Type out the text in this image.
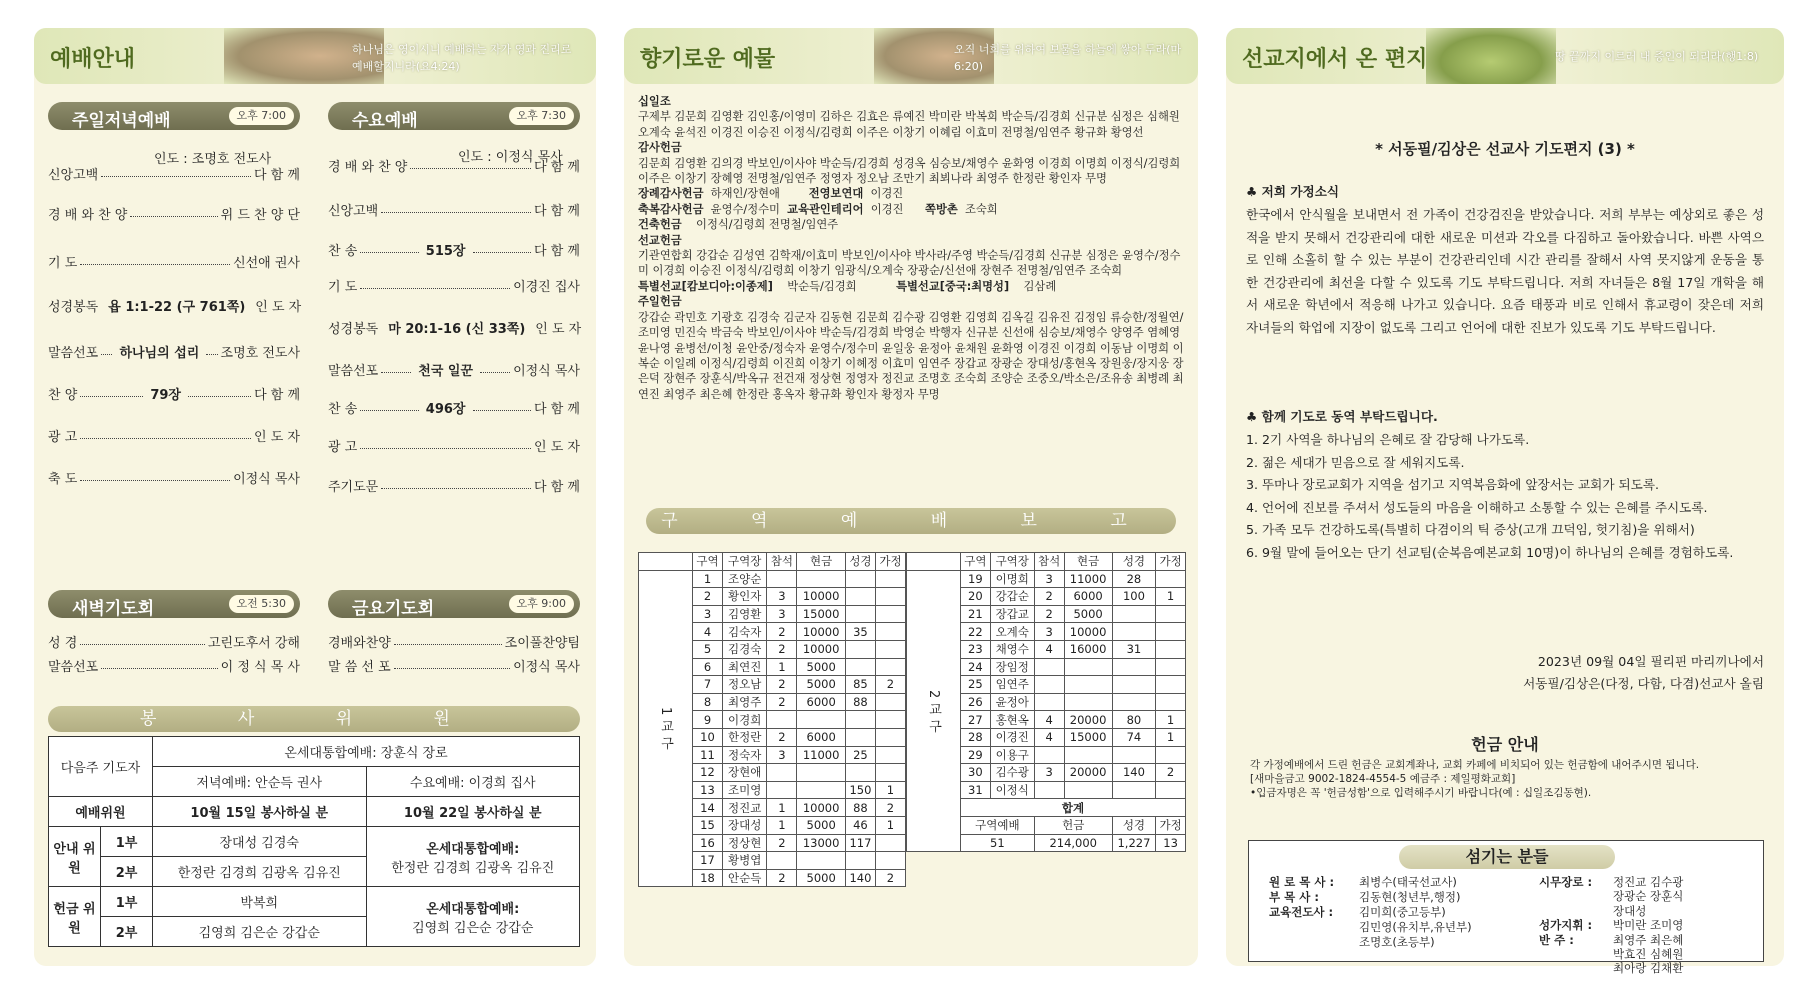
예배안내	하나님은 영이시니 예배하는 자가 영과 진리로 예배할지니라(요4:24)
주일저녁예배	오후 7:00
인도 : 조명호 전도사
신앙고백	다 함 께
경 배 와 찬 양	위 드 찬 양 단
기 도	신선애 권사
성경봉독 욥 1:1-22 (구 761쪽) 인 도 자
말씀선포	하나님의 섭리	조명호 전도사
찬 양	79장	다 함 께
광 고	인 도 자
축 도	이정식 목사
수요예배	오후 7:30
인도 : 이정식 목사
경 배 와 찬 양	다 함 께
신앙고백	다 함 께
찬 송	515장	다 함 께
기 도	이경진 집사
성경봉독 마 20:1-16 (신 33쪽) 인 도 자
말씀선포	천국 일꾼	이정식 목사
찬 송	496장	다 함 께
광 고	인 도 자
주기도문	다 함 께
새벽기도회	오전 5:30
성 경	고린도후서 강해
말씀선포	이 정 식 목 사
금요기도회	오후 9:00
경배와찬양	조이풀찬양팀
말 씀 선 포	이정식 목사
봉 사 위 원
다음주 기도자		온세대통합예배: 장훈식 장로	
		저녁예배: 안순득 권사	수요예배: 이경희 집사
예배위원		10월 15일 봉사하실 분	10월 22일 봉사하실 분
안내 위원	1부	장대성 김경숙	온세대통합예배:
한정란 김경희 김광옥 김유진

	2부	한정란 김경희 김광옥 김유진	
헌금 위원	1부	박복희	온세대통합예배:
김영희 김은순 강갑순

	2부	김영희 김은순 강갑순	
향기로운 예물	오직 너희를 위하여 보물을 하늘에 쌓아 두라(마6:20)
십일조
구제부 김문희 김영환 김인홍/이영미 김하은 김효은 류예진 박미란 박복희 박순득/김경희 신규분 심정은 심해원 오계숙 윤석진 이경진 이승진 이정식/김령희 이주은 이창기 이혜림 이효미 전명철/임연주 황규화 황영선
감사헌금
김문희 김영환 김의경 박보인/이사야 박순득/김경희 성경옥 심승보/채영수 윤화영 이경희 이명희 이정식/김령희 이주은 이창기 장혜영 전명철/임연주 정영자 정오남 조만기 최뵈나라 최영주 한정란 황인자 무명
장례감사헌금 하재인/장현애	전영보연대 이경진
축복감사헌금 윤영수/정수미 교육관인테리어 이경진 쪽방촌 조숙희
건축헌금 이정식/김령희 전명철/임연주
선교헌금
기관연합회 강갑순 김성연 김학재/이효미 박보인/이사야 박사라/주영 박순득/김경희 신규분 심정은 윤영수/정수미 이경희 이승진 이정식/김령희 이창기 임광식/오계숙 장광순/신선애 장현주 전명철/임연주 조숙희
특별선교[캄보디아:이종제] 박순득/김경희	특별선교[중국:최명성] 김삼례
주일헌금
강갑순 곽민호 기광호 김경숙 김군자 김동현 김문희 김수광 김영환 김영희 김옥길 김유진 김정임 류승한/정월연/조미영 민진숙 박금숙 박보인/이사야 박순득/김경희 박영순 박행자 신규분 신선애 심승보/채영수 양영주 염혜영 윤나영 윤병선/이청 윤안중/정숙자 윤영수/정수미 윤일웅 윤정아 윤채원 윤화영 이경진 이경희 이동남 이명희 이복순 이일례 이정식/김령희 이진희 이창기 이혜정 이효미 임연주 장갑교 장광순 장대성/홍현옥 장원웅/장지웅 장은덕 장현주 장훈식/박옥규 전건재 정상현 정영자 정진교 조명호 조숙희 조양순 조중오/박소은/조유송 최병례 최연진 최영주 최은혜 한정란 홍옥자 황규화 황인자 황정자 무명
구 역 예 배 보 고
	구역	구역장	참석	현금	성경	가정
1 교 구	1	조양순				
	2	황인자	3	10000		
	3	김영환	3	15000		
	4	김숙자	2	10000	35	
	5	김경숙	2	10000		
	6	최연진	1	5000		
	7	정오남	2	5000	85	2
	8	최영주	2	6000	88	
	9	이경희				
	10	한정란	2	6000		
	11	정숙자	3	11000	25	
	12	장현애				
	13	조미영			150	1
	14	정진교	1	10000	88	2
	15	장대성	1	5000	46	1
	16	정상현	2	13000	117	
	17	황병엽				
	18	안순득	2	5000	140	2
	구역	구역장	참석	현금	성경	가정
2 교 구	19	이명희	3	11000	28	
	20	강갑순	2	6000	100	1
	21	장갑교	2	5000		
	22	오계숙	3	10000		
	23	채영수	4	16000	31	
	24	장임정				
	25	임연주				
	26	윤정아				
	27	홍현옥	4	20000	80	1
	28	이경진	4	15000	74	1
	29	이용구				
	30	김수광	3	20000	140	2
	31	이정식				
	합계					
	구역예배		헌금		성경	가정
	51		214,000		1,227	13
선교지에서 온 편지	땅 끝까지 이르러 내 증인이 되리라(행1:8)
* 서동필/김상은 선교사 기도편지 (3) *
♣ 저희 가정소식
한국에서 안식월을 보내면서 전 가족이 건강검진을 받았습니다. 저희 부부는 예상외로 좋은 성적을 받지 못해서 건강관리에 대한 새로운 미션과 각오를 다짐하고 돌아왔습니다. 바쁜 사역으로 인해 소홀히 할 수 있는 부분이 건강관리인데 시간 관리를 잘해서 사역 못지않게 운동을 통한 건강관리에 최선을 다할 수 있도록 기도 부탁드립니다. 저희 자녀들은 8월 17일 개학을 해서 새로운 학년에서 적응해 나가고 있습니다. 요즘 태풍과 비로 인해서 휴교령이 잦은데 저희 자녀들의 학업에 지장이 없도록 그리고 언어에 대한 진보가 있도록 기도 부탁드립니다.
♣ 함께 기도로 동역 부탁드립니다.
1. 2기 사역을 하나님의 은혜로 잘 감당해 나가도록.
2. 젊은 세대가 믿음으로 잘 세워지도록.
3. 뚜마나 장로교회가 지역을 섬기고 지역복음화에 앞장서는 교회가 되도록.
4. 언어에 진보를 주셔서 성도들의 마음을 이해하고 소통할 수 있는 은혜를 주시도록.
5. 가족 모두 건강하도록(특별히 다겸이의 틱 증상(고개 끄덕임, 헛기침)을 위해서)
6. 9월 말에 들어오는 단기 선교팀(순복음예본교회 10명)이 하나님의 은혜를 경험하도록.
2023년 09월 04일 필리핀 마리끼나에서
서동필/김상은(다정, 다함, 다겸)선교사 올림
헌금 안내
각 가정예배에서 드린 헌금은 교회계좌나, 교회 카페에 비치되어 있는 헌금함에 내어주시면 됩니다.
[새마을금고 9002-1824-4554-5 예금주 : 제일평화교회]
•입금자명은 꼭 '헌금성함'으로 입력해주시기 바랍니다(예 : 십일조김동현).
섬기는 분들
원 로 목 사 : 최병수(태국선교사)
부 목 사 :	김동현(청년부,행정)
교육전도사 : 김미희(중고등부)
김민영(유치부,유년부)
조명호(초등부)
시무장로 : 정진교 김수광
장광순 장훈식
장대성
성가지휘 : 박미란 조미영
반 주 :	최영주 최은혜
박효진 심혜원
최아랑 김채환
